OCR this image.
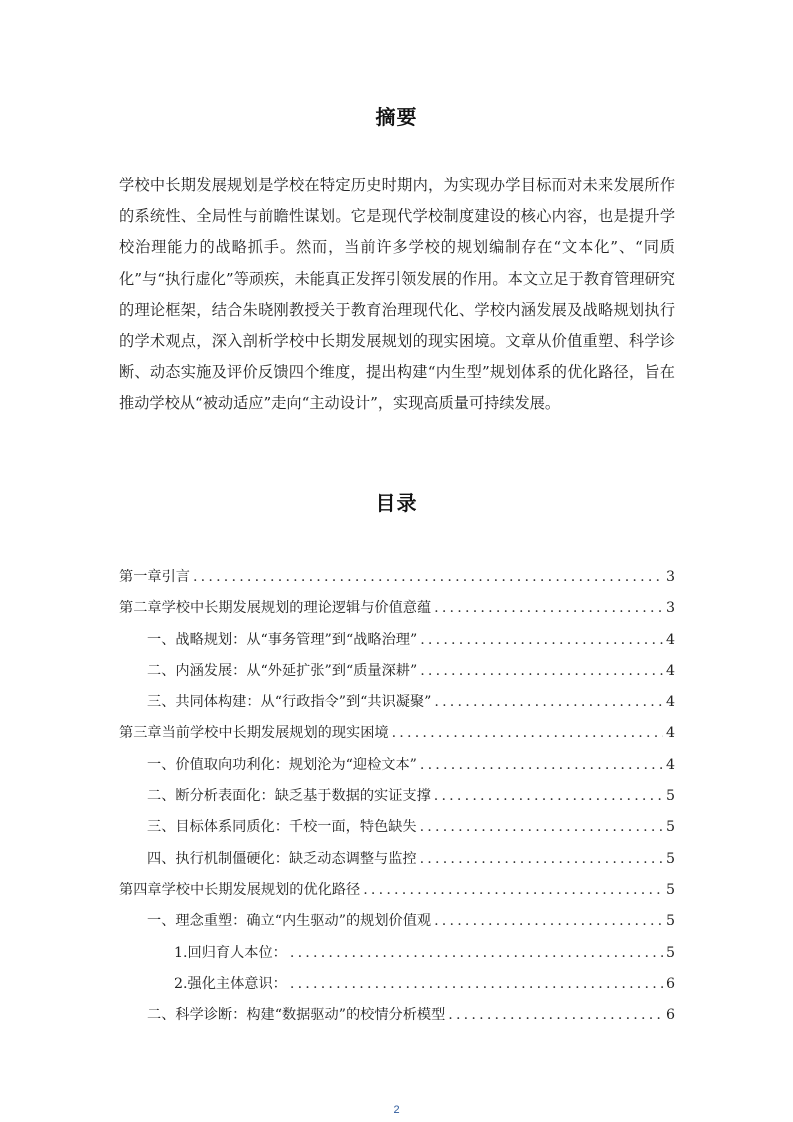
摘要

学校中长期发展规划是学校在特定历史时期内，为实现办学目标而对未来发展所作的系统性、全局性与前瞻性谋划。它是现代学校制度建设的核心内容，也是提升学校治理能力的战略抓手。然而，当前许多学校的规划编制存在“文本化”、“同质化”与“执行虚化”等顽疾，未能真正发挥引领发展的作用。本文立足于教育管理研究的理论框架，结合朱晓刚教授关于教育治理现代化、学校内涵发展及战略规划执行的学术观点，深入剖析学校中长期发展规划的现实困境。文章从价值重塑、科学诊断、动态实施及评价反馈四个维度，提出构建“内生型”规划体系的优化路径，旨在推动学校从“被动适应”走向“主动设计”，实现高质量可持续发展。

目录
第一章引言 .....	3
第二章学校中长期发展规划的理论逻辑与价值意蕴 .....	3
一、战略规划：从“事务管理”到“战略治理” .....	4
二、内涵发展：从“外延扩张”到“质量深耕” .....	4
三、共同体构建：从“行政指令”到“共识凝聚” .....	4
第三章当前学校中长期发展规划的现实困境 .....	4
一、价值取向功利化：规划沦为“迎检文本” .....	4
二、断分析表面化：缺乏基于数据的实证支撑 .....	5
三、目标体系同质化：千校一面，特色缺失 .....	5
四、执行机制僵硬化：缺乏动态调整与监控 .....	5
第四章学校中长期发展规划的优化路径 .....	5
一、理念重塑：确立“内生驱动”的规划价值观 .....	5
1.回归育人本位： .....	5
2.强化主体意识： .....	6
二、科学诊断：构建“数据驱动”的校情分析模型 .....	6
2
